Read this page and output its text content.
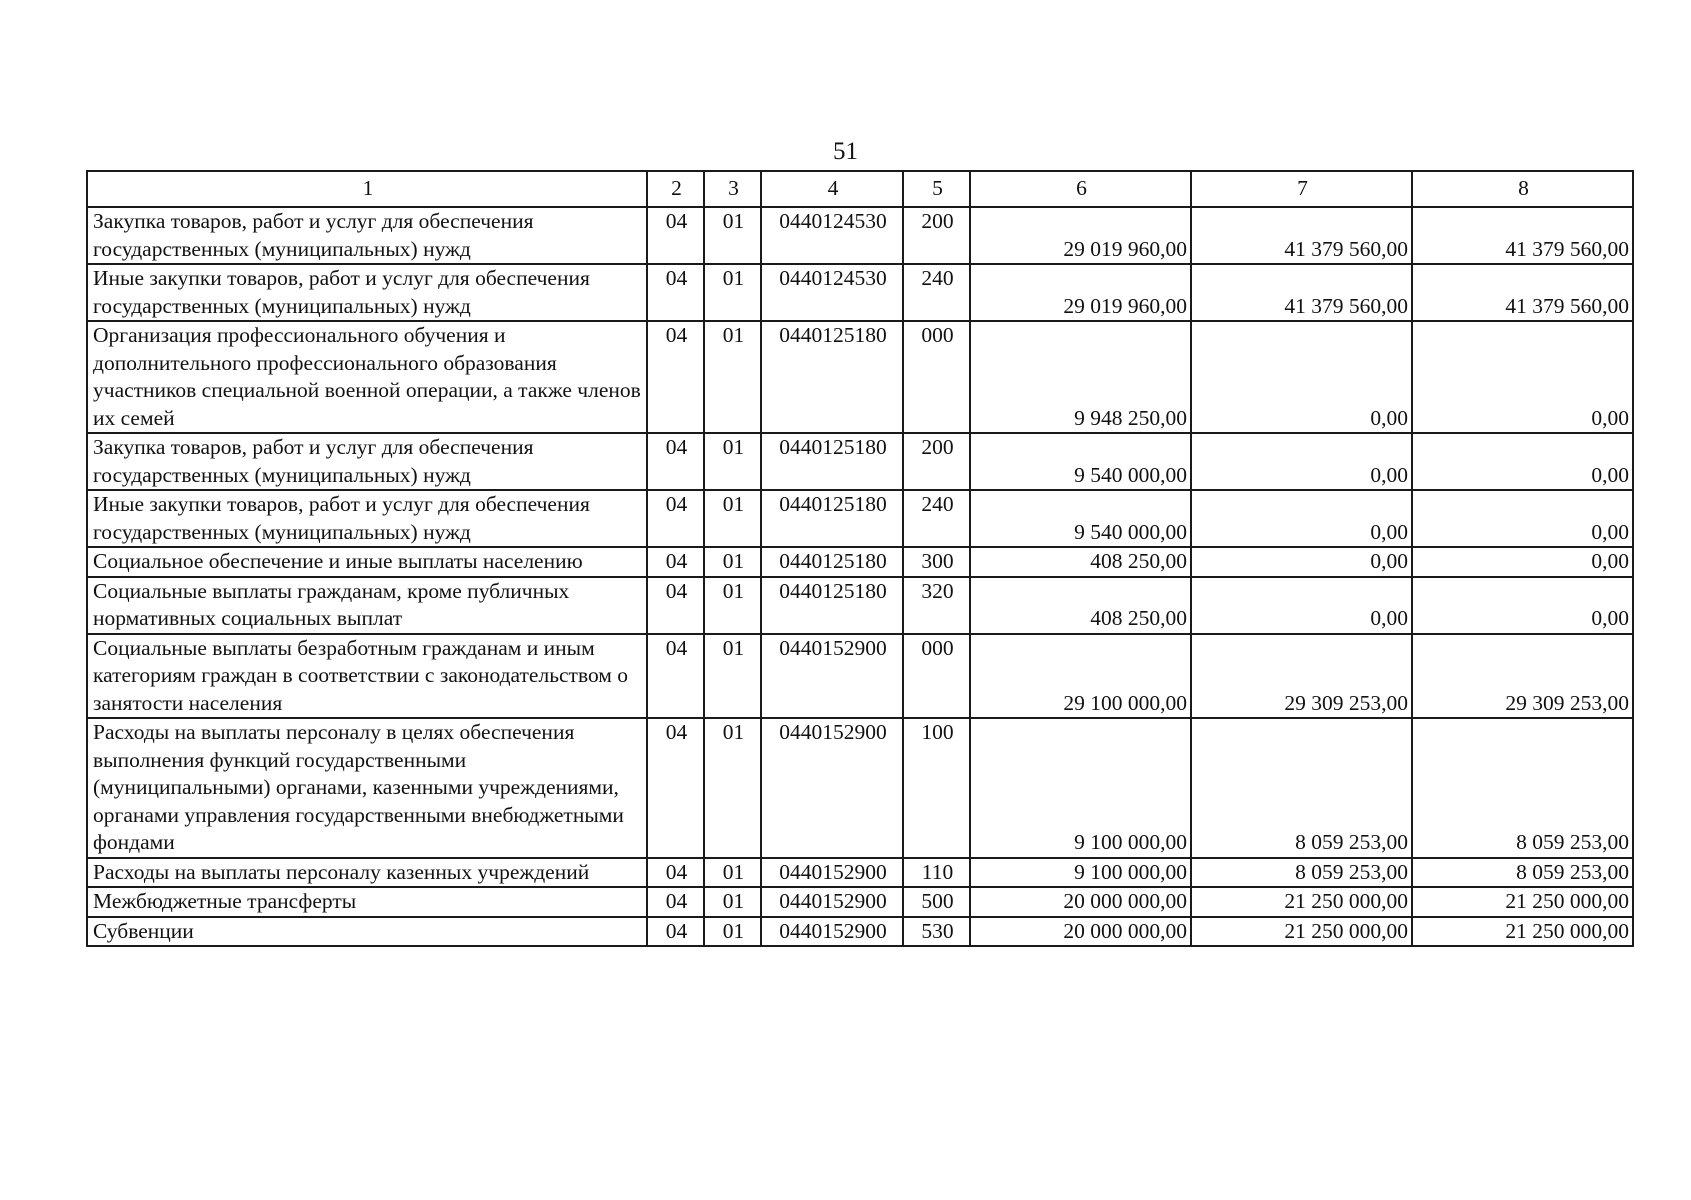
51
1	2	3	4	5	6	7	8
Закупка товаров, работ и услуг для обеспечения государственных (муниципальных) нужд	04	01	0440124530	200	29 019 960,00	41 379 560,00	41 379 560,00
Иные закупки товаров, работ и услуг для обеспечения государственных (муниципальных) нужд	04	01	0440124530	240	29 019 960,00	41 379 560,00	41 379 560,00
Организация профессионального обучения и дополнительного профессионального образования участников специальной военной операции, а также членов их семей	04	01	0440125180	000	9 948 250,00	0,00	0,00
Закупка товаров, работ и услуг для обеспечения государственных (муниципальных) нужд	04	01	0440125180	200	9 540 000,00	0,00	0,00
Иные закупки товаров, работ и услуг для обеспечения государственных (муниципальных) нужд	04	01	0440125180	240	9 540 000,00	0,00	0,00
Социальное обеспечение и иные выплаты населению	04	01	0440125180	300	408 250,00	0,00	0,00
Социальные выплаты гражданам, кроме публичных нормативных социальных выплат	04	01	0440125180	320	408 250,00	0,00	0,00
Социальные выплаты безработным гражданам и иным категориям граждан в соответствии с законодательством о занятости населения	04	01	0440152900	000	29 100 000,00	29 309 253,00	29 309 253,00
Расходы на выплаты персоналу в целях обеспечения выполнения функций государственными (муниципальными) органами, казенными учреждениями, органами управления государственными внебюджетными фондами	04	01	0440152900	100	9 100 000,00	8 059 253,00	8 059 253,00
Расходы на выплаты персоналу казенных учреждений	04	01	0440152900	110	9 100 000,00	8 059 253,00	8 059 253,00
Межбюджетные трансферты	04	01	0440152900	500	20 000 000,00	21 250 000,00	21 250 000,00
Субвенции	04	01	0440152900	530	20 000 000,00	21 250 000,00	21 250 000,00
